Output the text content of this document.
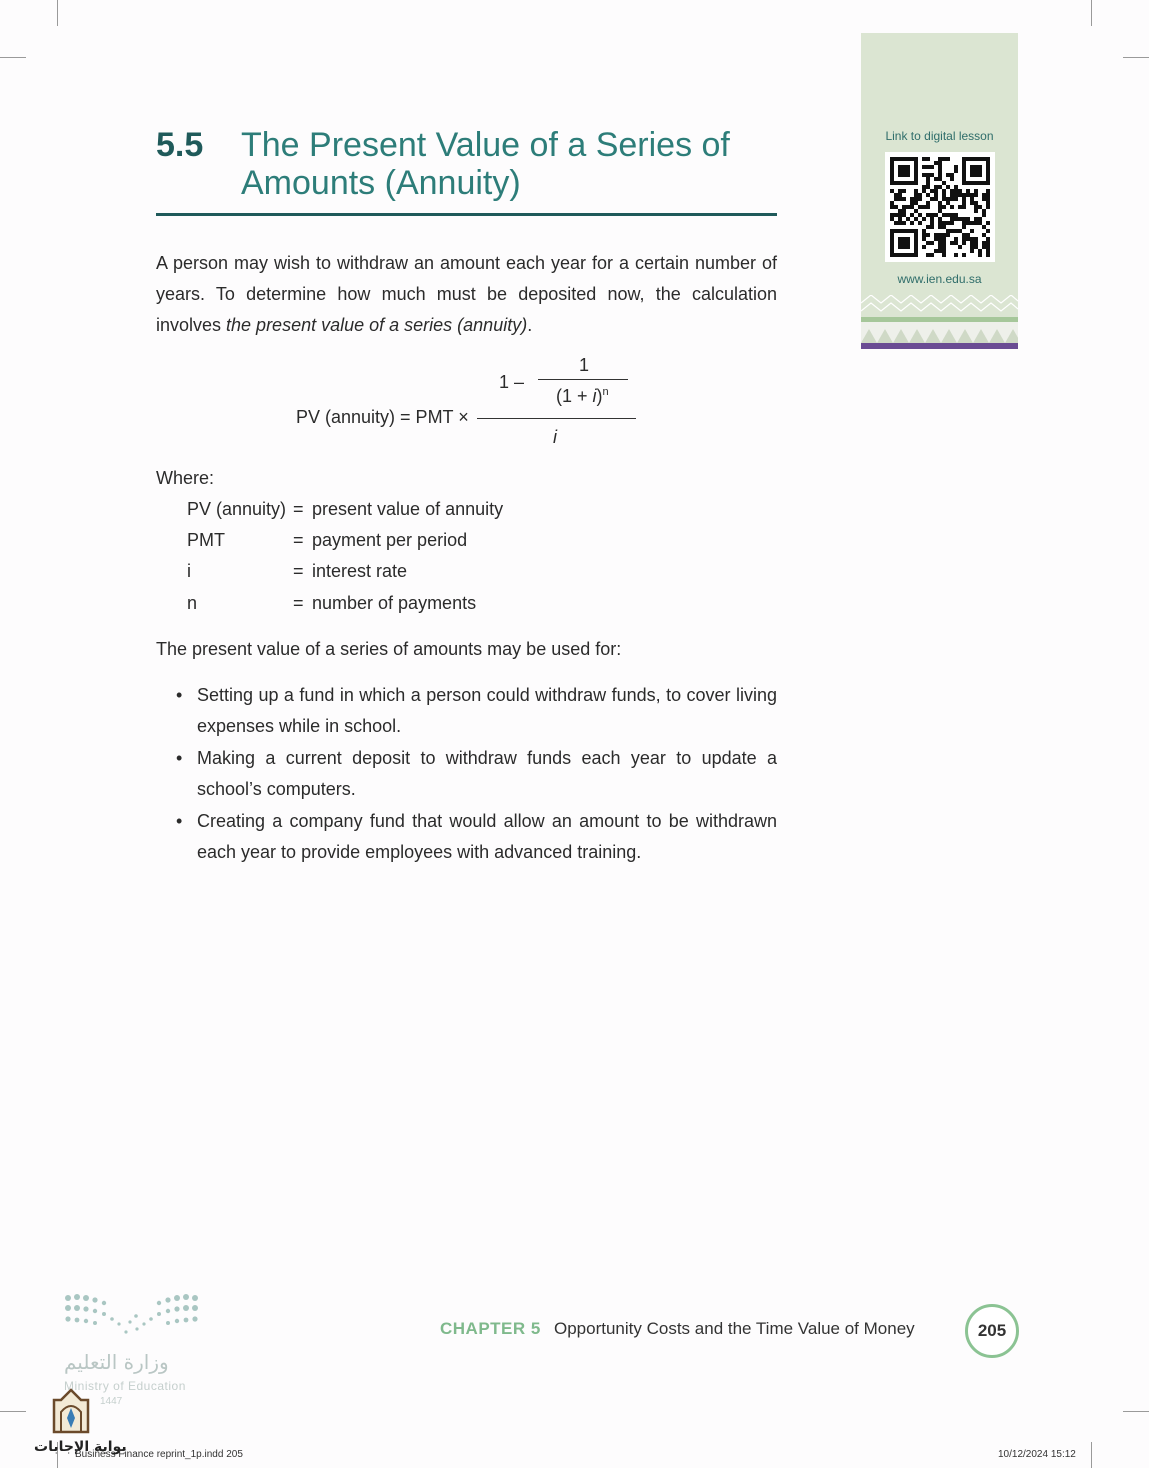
5.5 The Present Value of a Series of
Amounts (Annuity)
A person may wish to withdraw an amount each year for a certain number of years. To determine how much must be deposited now, the calculation involves the present value of a series (annuity).
PV (annuity) = PMT ×
1 –
1
$(1 + i)^n$
i
Where:
PV (annuity) = present value of annuity
PMT	= payment per period
i	= interest rate
n	= number of payments
The present value of a series of amounts may be used for:
• Setting up a fund in which a person could withdraw funds, to cover living expenses while in school.
• Making a current deposit to withdraw funds each year to update a school’s computers.
• Creating a company fund that would allow an amount to be withdrawn each year to provide employees with advanced training.
Link to digital lesson
www.ien.edu.sa
CHAPTER 5 Opportunity Costs and the Time Value of Money	205
وزارة التعليم
Ministry of Education
1447
بوابة الإجابات
Business Finance reprint_1p.indd 205	10/12/2024 15:12
